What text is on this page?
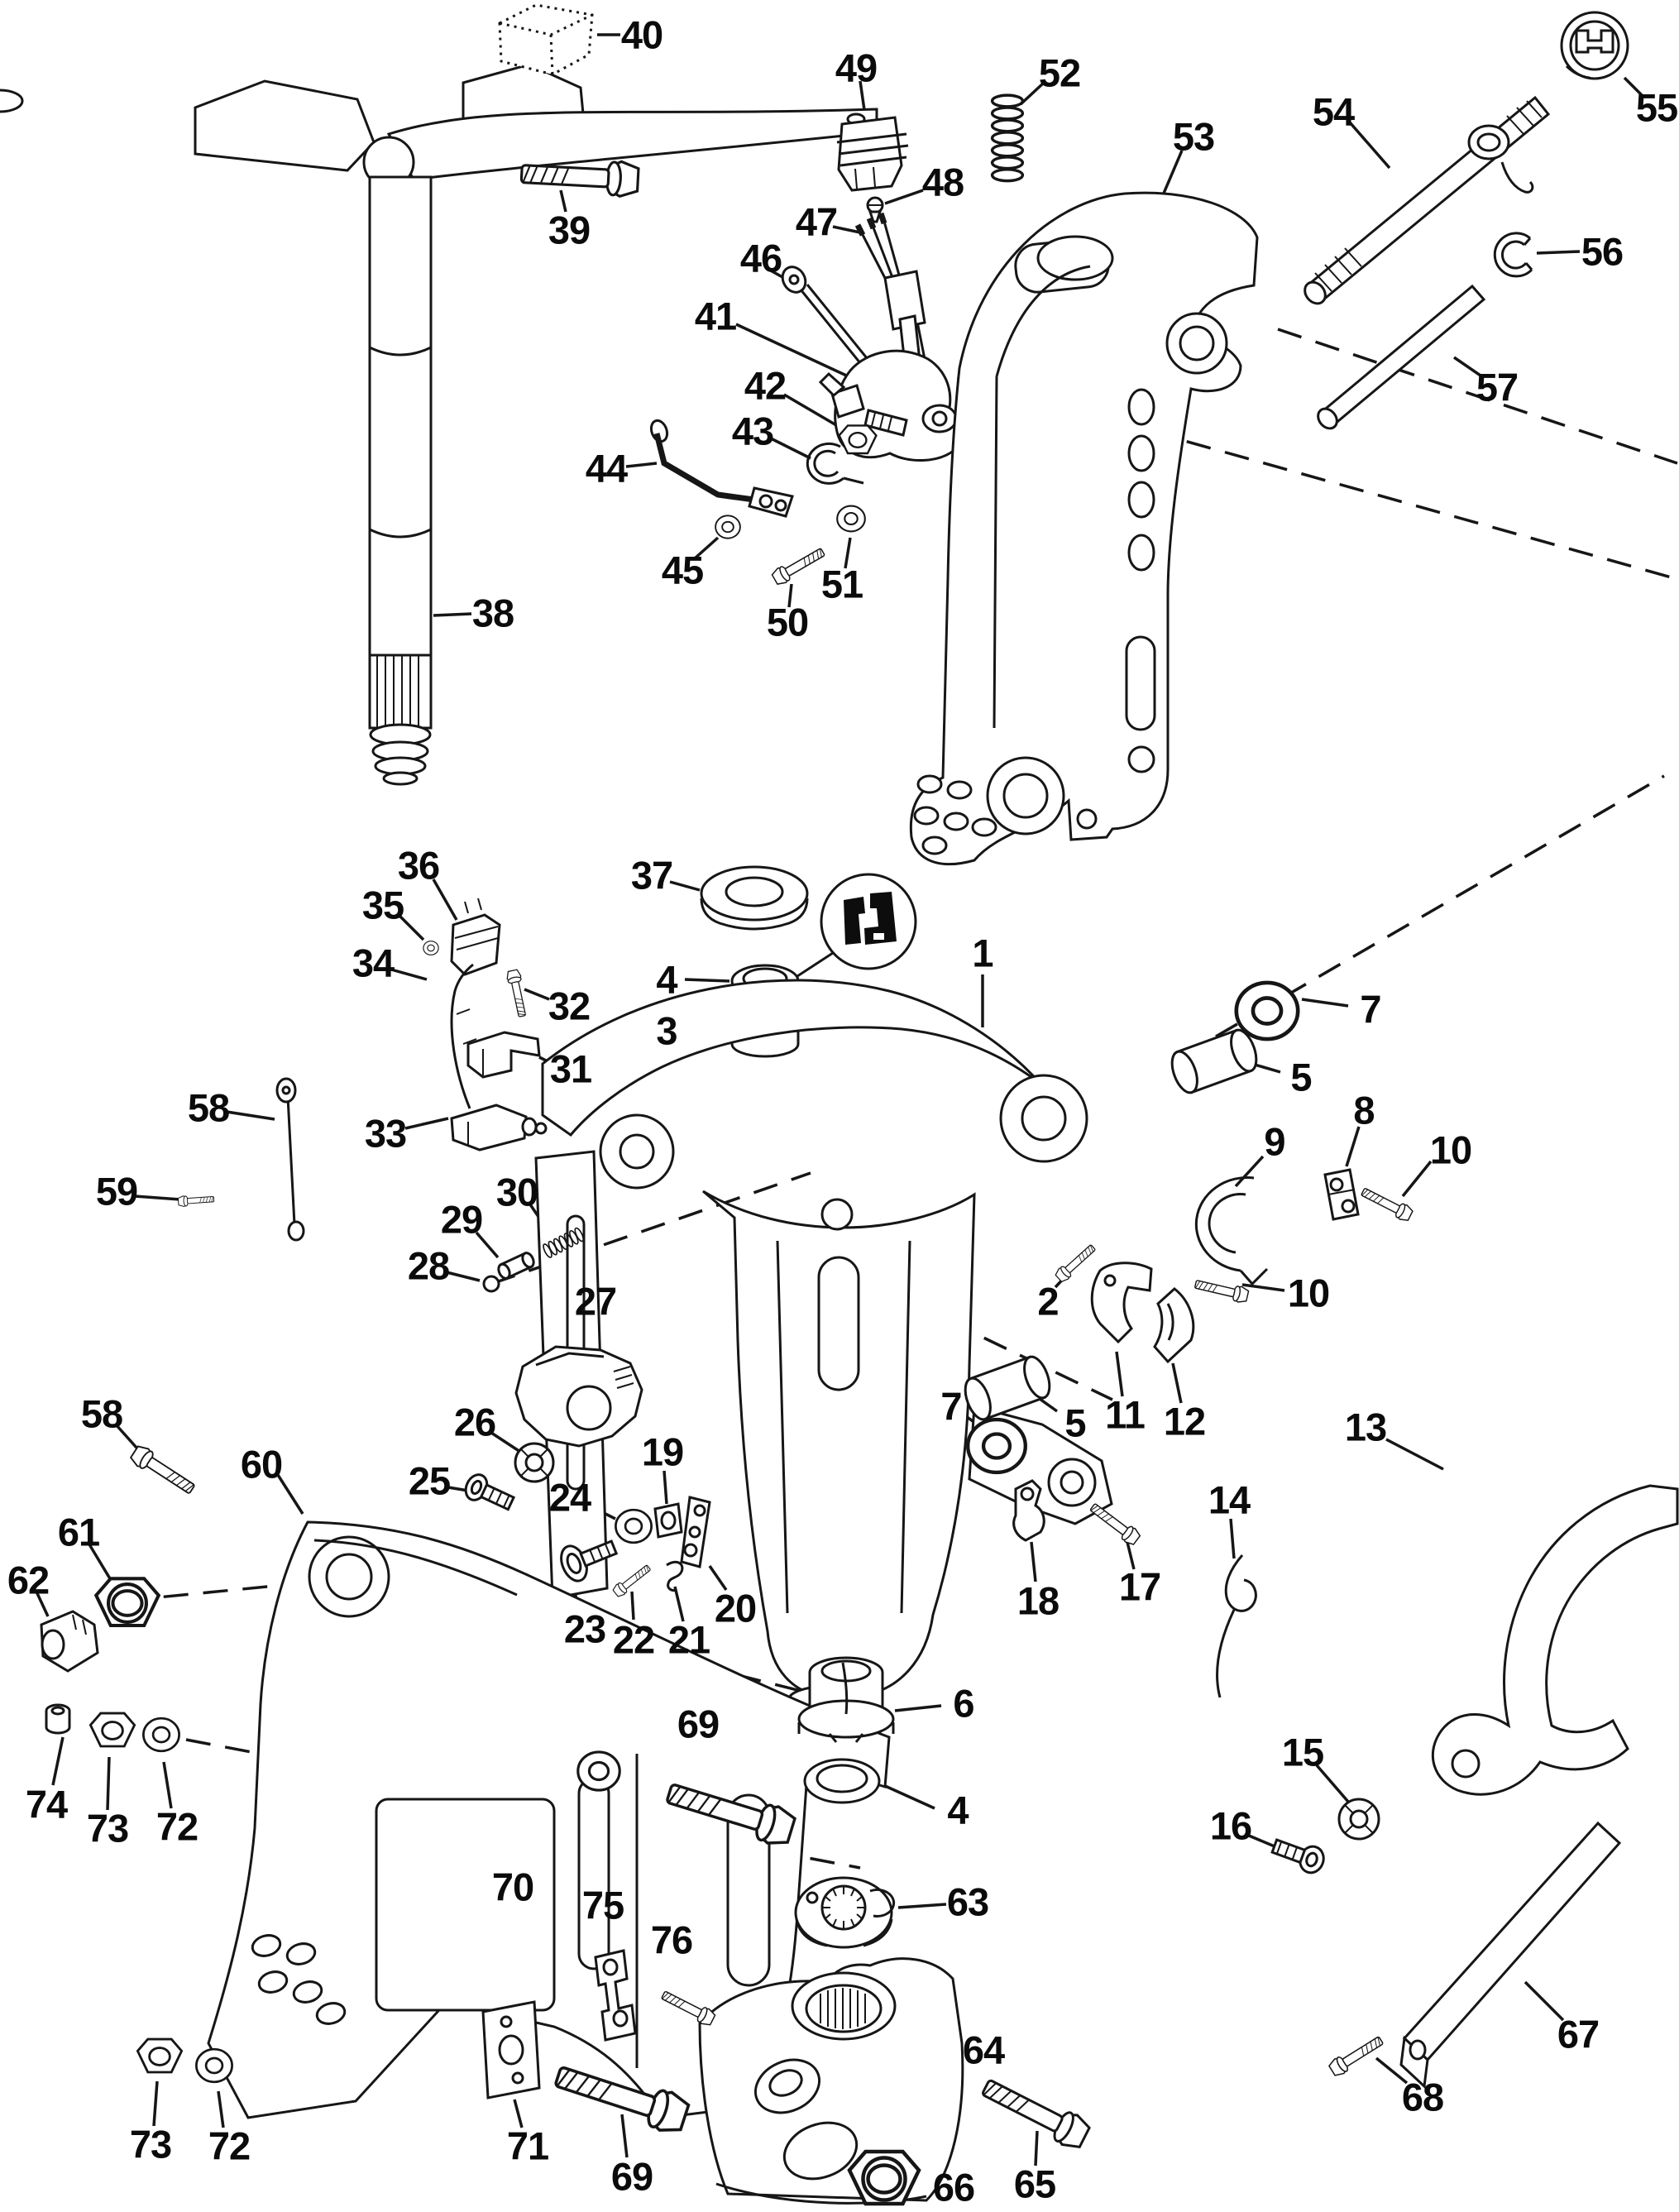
1
2
3
4
4
5
5
6
7
7
8
9	10
10
11 12	13
14
15
16
17
18
19
20
21
22
23
24
25
26
27
28
29
30
31
32
33
34
35
36	37
38
39
40
41
42
43
44
45
46
47
48
49
50
51
52
53
54	55
56
57
58
58
59
60
61
62
63
64
65
66
67
68
69
69
70
71
72
72
73
73
74
75
76
